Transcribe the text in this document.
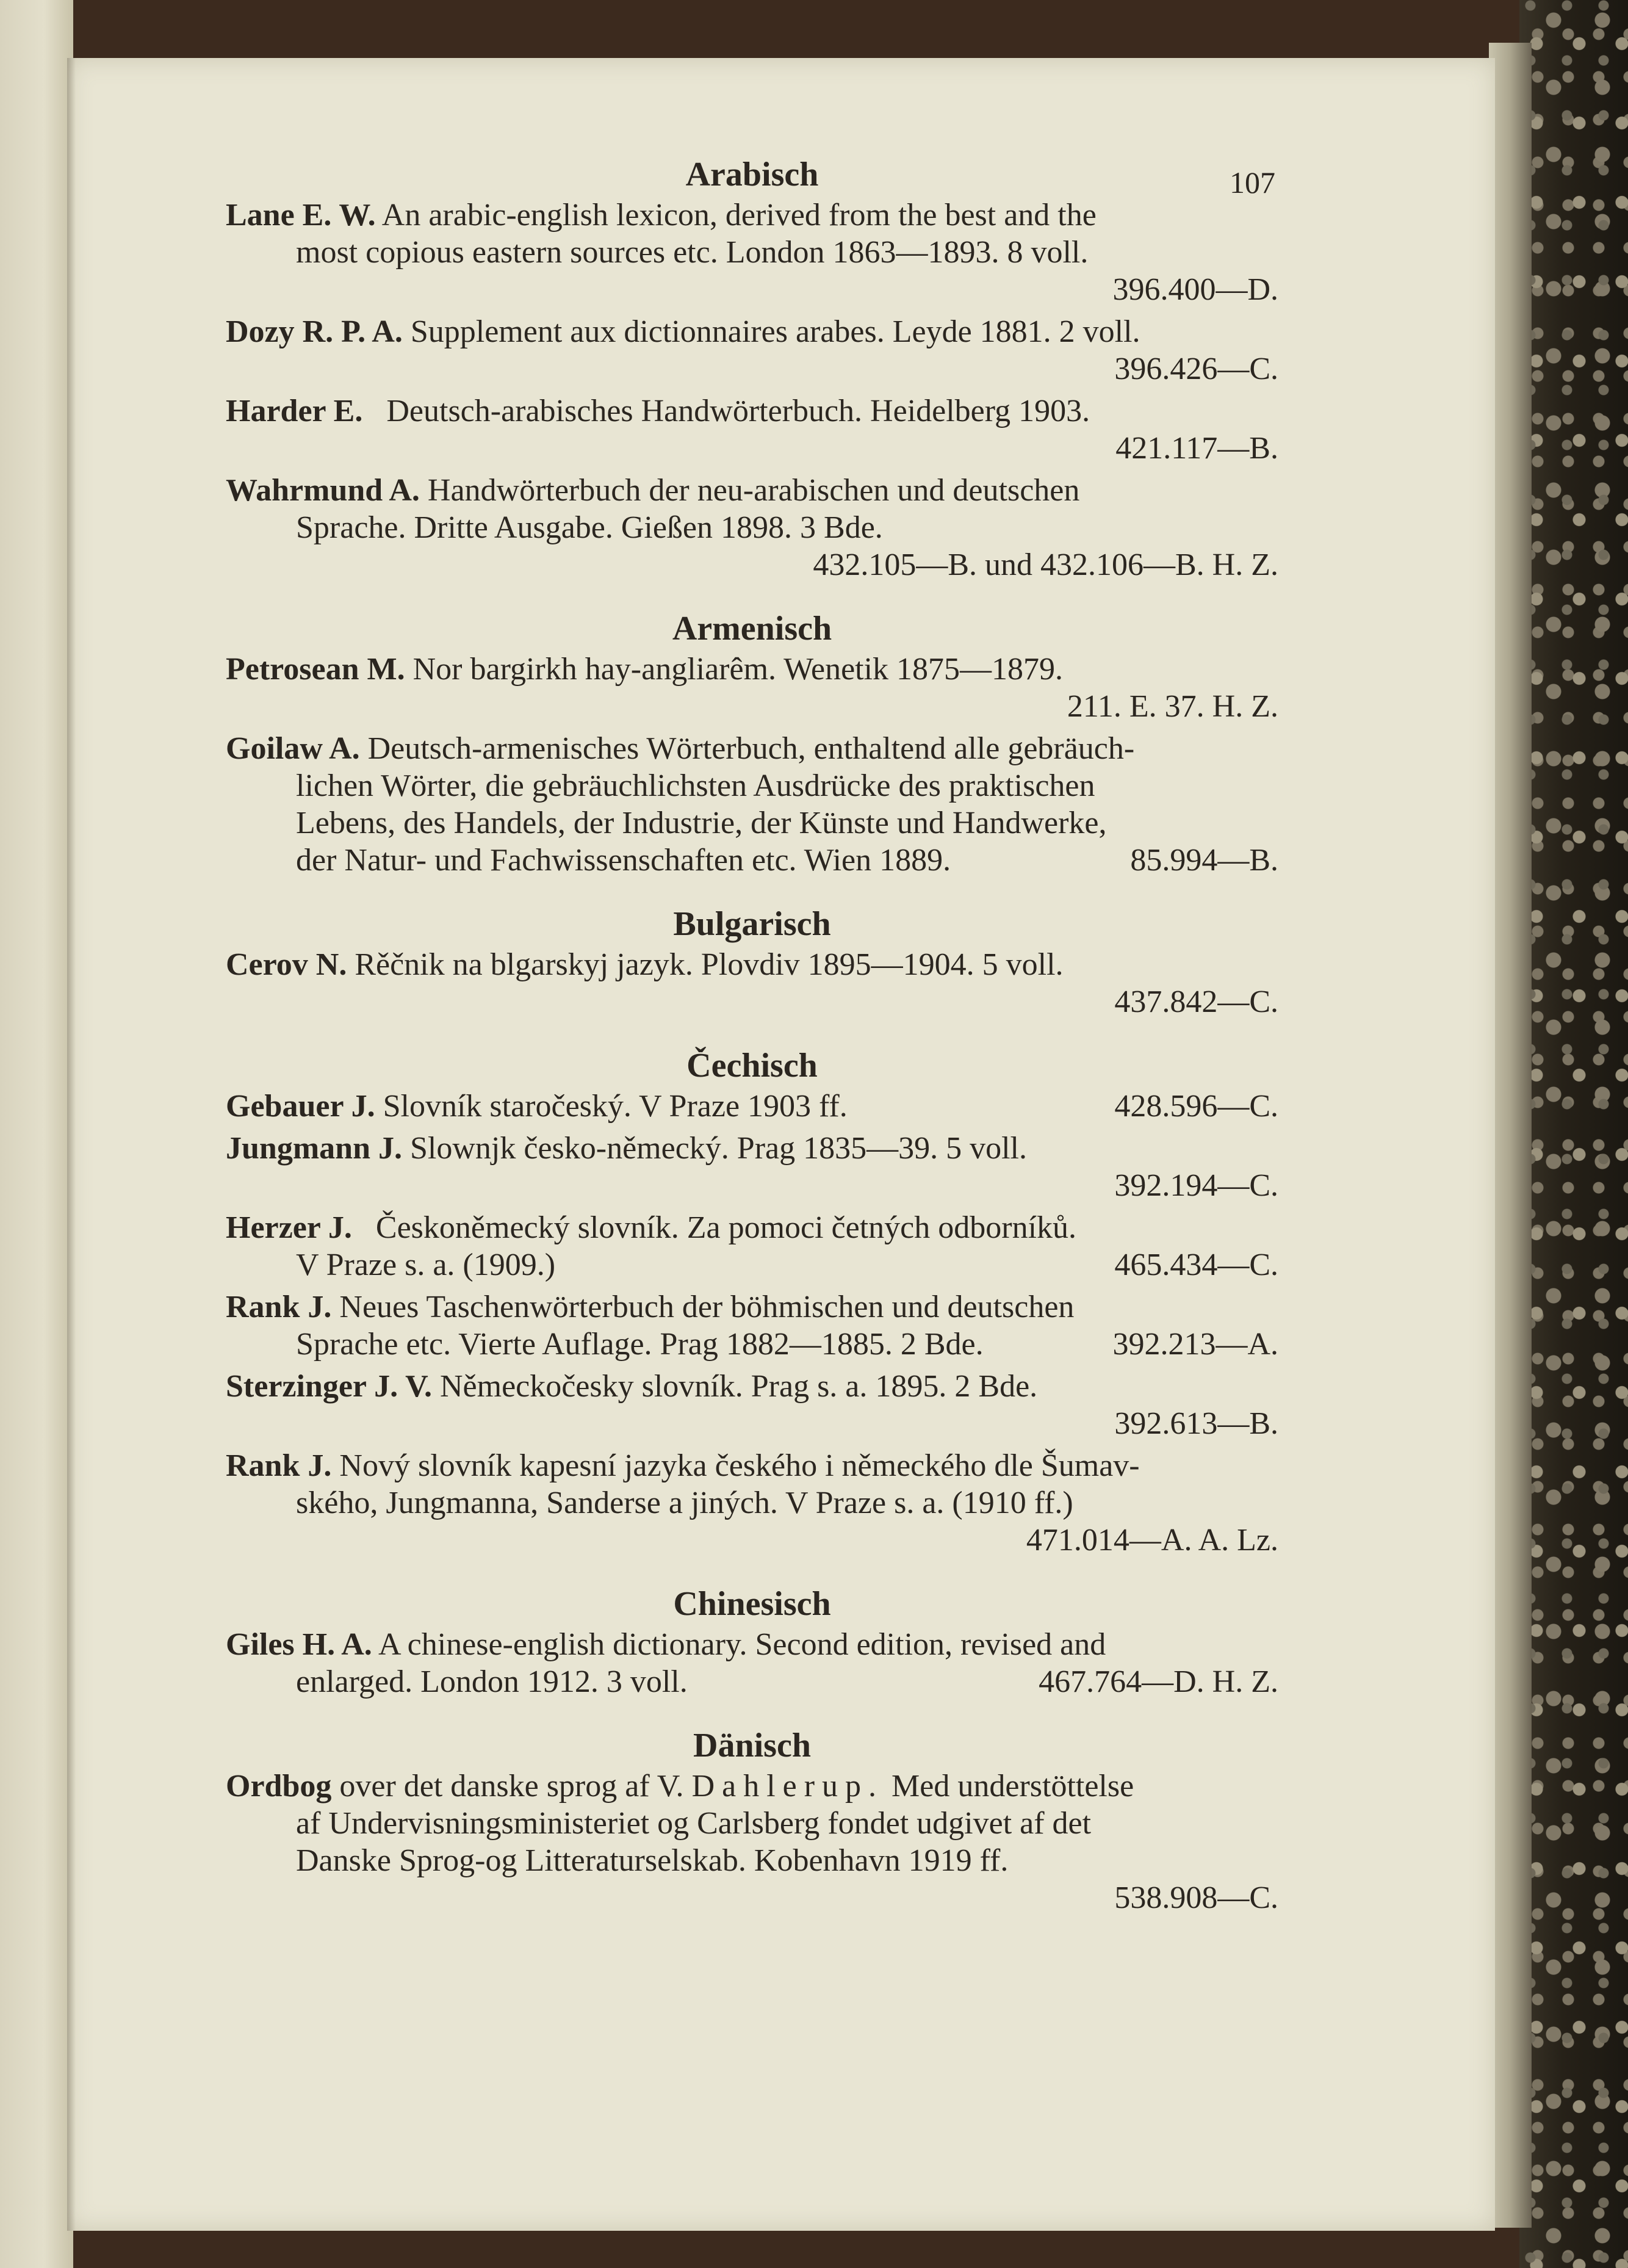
107
Arabisch
Lane E. W. An arabic-english lexicon, derived from the best and the
most copious eastern sources etc. London 1863—1893. 8 voll.
396.400—D.
Dozy R. P. A. Supplement aux dictionnaires arabes. Leyde 1881. 2 voll.
396.426—C.
Harder E. Deutsch-arabisches Handwörterbuch. Heidelberg 1903.
421.117—B.
Wahrmund A. Handwörterbuch der neu-arabischen und deutschen
Sprache. Dritte Ausgabe. Gießen 1898. 3 Bde.
432.105—B. und 432.106—B. H. Z.
Armenisch
Petrosean M. Nor bargirkh hay-angliarêm. Wenetik 1875—1879.
211. E. 37. H. Z.
Goilaw A. Deutsch-armenisches Wörterbuch, enthaltend alle gebräuch-
lichen Wörter, die gebräuchlichsten Ausdrücke des praktischen
Lebens, des Handels, der Industrie, der Künste und Handwerke,
der Natur- und Fachwissenschaften etc. Wien 1889.	85.994—B.
Bulgarisch
Cerov N. Rěčnik na blgarskyj jazyk. Plovdiv 1895—1904. 5 voll.
437.842—C.
Čechisch
Gebauer J. Slovník staročeský. V Praze 1903 ff.	428.596—C.
Jungmann J. Slownjk česko-německý. Prag 1835—39. 5 voll.
392.194—C.
Herzer J. Českoněmecký slovník. Za pomoci četných odborníků.
V Praze s. a. (1909.)	465.434—C.
Rank J. Neues Taschenwörterbuch der böhmischen und deutschen
Sprache etc. Vierte Auflage. Prag 1882—1885. 2 Bde.	392.213—A.
Sterzinger J. V. Německočesky slovník. Prag s. a. 1895. 2 Bde.
392.613—B.
Rank J. Nový slovník kapesní jazyka českého i německého dle Šumav-
ského, Jungmanna, Sanderse a jiných. V Praze s. a. (1910 ff.)
471.014—A. A. Lz.
Chinesisch
Giles H. A. A chinese-english dictionary. Second edition, revised and
enlarged. London 1912. 3 voll.	467.764—D. H. Z.
Dänisch
Ordbog over det danske sprog af V. Dahlerup. Med understöttelse
af Undervisningsministeriet og Carlsberg fondet udgivet af det
Danske Sprog-og Litteraturselskab. Kobenhavn 1919 ff.
538.908—C.
